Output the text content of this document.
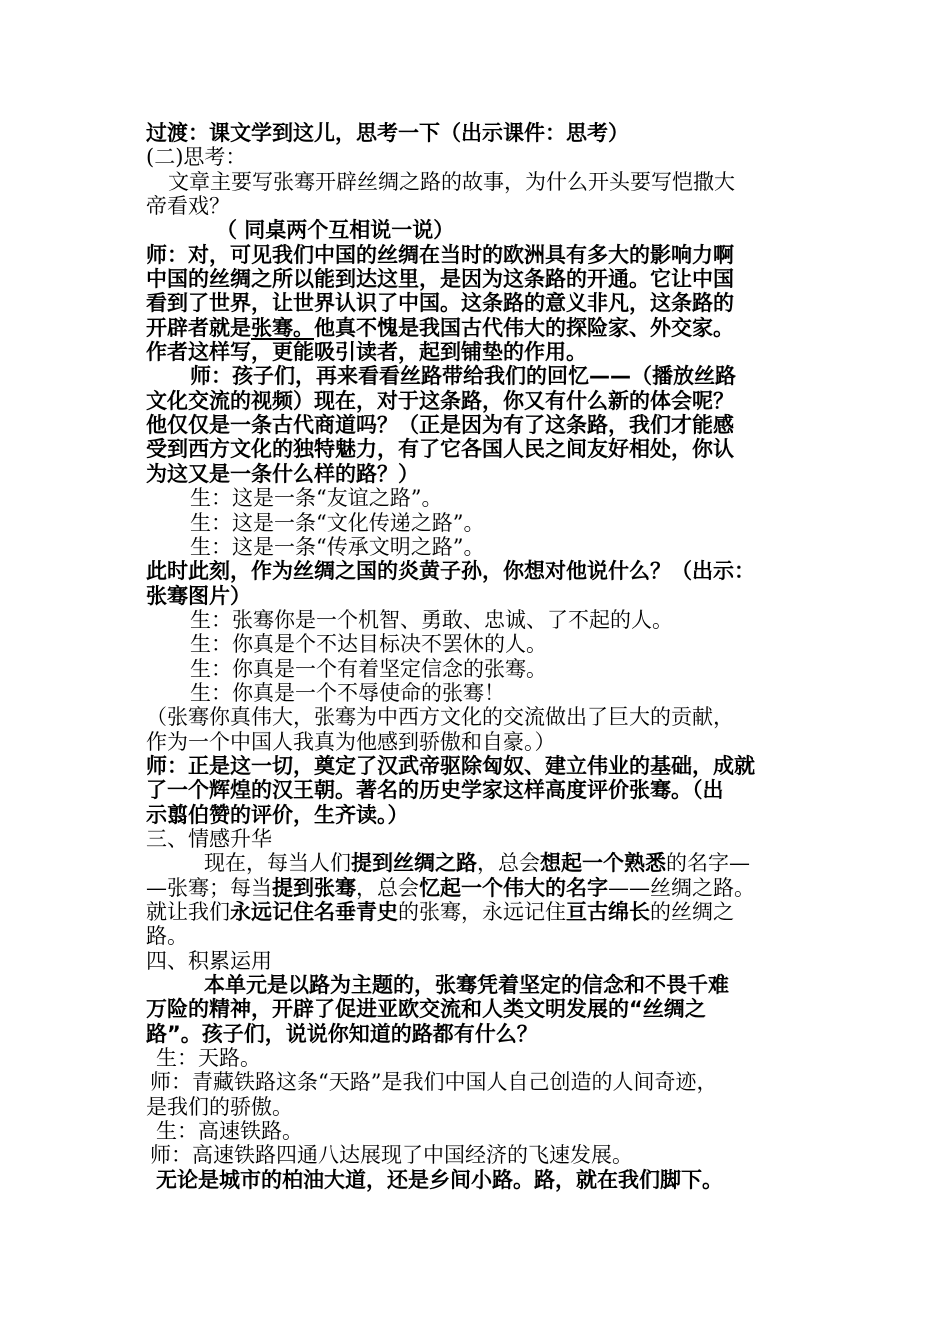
过渡：课文学到这儿，思考一下（出示课件：思考）
(二)思考：
文章主要写张骞开辟丝绸之路的故事，为什么开头要写恺撒大
帝看戏？
（ 同桌两个互相说一说）
师：对，可见我们中国的丝绸在当时的欧洲具有多大的影响力啊
中国的丝绸之所以能到达这里，是因为这条路的开通。它让中国
看到了世界，让世界认识了中国。这条路的意义非凡，这条路的
开辟者就是张骞。他真不愧是我国古代伟大的探险家、外交家。
作者这样写，更能吸引读者，起到铺垫的作用。
师：孩子们，再来看看丝路带给我们的回忆——（播放丝路
文化交流的视频）现在，对于这条路，你又有什么新的体会呢？
他仅仅是一条古代商道吗？（正是因为有了这条路，我们才能感
受到西方文化的独特魅力，有了它各国人民之间友好相处，你认
为这又是一条什么样的路？）
生：这是一条“友谊之路”。
生：这是一条“文化传递之路”。
生：这是一条“传承文明之路”。
此时此刻，作为丝绸之国的炎黄子孙，你想对他说什么？（出示：
张骞图片）
生：张骞你是一个机智、勇敢、忠诚、了不起的人。
生：你真是个不达目标决不罢休的人。
生：你真是一个有着坚定信念的张骞。
生：你真是一个不辱使命的张骞！
（张骞你真伟大，张骞为中西方文化的交流做出了巨大的贡献，
作为一个中国人我真为他感到骄傲和自豪。）
师：正是这一切，奠定了汉武帝驱除匈奴、建立伟业的基础，成就
了一个辉煌的汉王朝。著名的历史学家这样高度评价张骞。（出
示翦伯赞的评价，生齐读。）
三、情感升华
现在，每当人们提到丝绸之路，总会想起一个熟悉的名字—
—张骞；每当提到张骞，总会忆起一个伟大的名字——丝绸之路。
就让我们永远记住名垂青史的张骞，永远记住亘古绵长的丝绸之
路。
四、积累运用
本单元是以路为主题的，张骞凭着坚定的信念和不畏千难
万险的精神，开辟了促进亚欧交流和人类文明发展的“丝绸之
路”。孩子们，说说你知道的路都有什么？
生：天路。
师：青藏铁路这条“天路”是我们中国人自己创造的人间奇迹，
是我们的骄傲。
生：高速铁路。
师：高速铁路四通八达展现了中国经济的飞速发展。
无论是城市的柏油大道，还是乡间小路。路，就在我们脚下。
